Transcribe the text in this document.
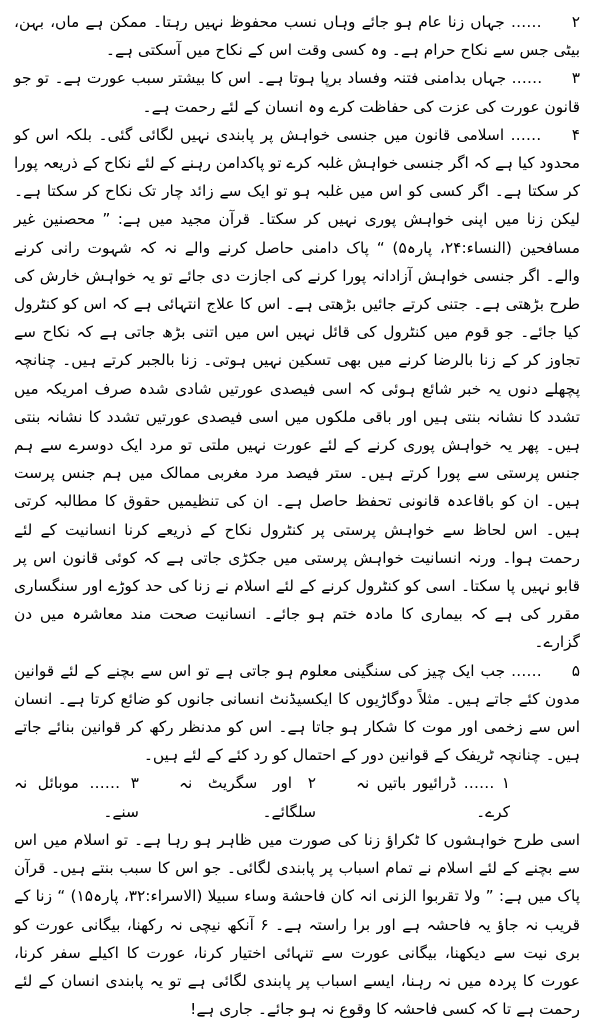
۲ …… جہاں زنا عام ہو جائے وہاں نسب محفوظ نہیں رہتا۔ ممکن ہے ماں، بہن، بیٹی جس سے نکاح حرام ہے۔ وہ کسی وقت اس کے نکاح میں آسکتی ہے۔

۳ …… جہاں بدامنی فتنہ وفساد برپا ہوتا ہے۔ اس کا بیشتر سبب عورت ہے۔ تو جو قانون عورت کی عزت کی حفاظت کرے وہ انسان کے لئے رحمت ہے۔

۴ …… اسلامی قانون میں جنسی خواہش پر پابندی نہیں لگائی گئی۔ بلکہ اس کو محدود کیا ہے کہ اگر جنسی خواہش غلبہ کرے تو پاکدامن رہنے کے لئے نکاح کے ذریعہ پورا کر سکتا ہے۔ اگر کسی کو اس میں غلبہ ہو تو ایک سے زائد چار تک نکاح کر سکتا ہے۔ لیکن زنا میں اپنی خواہش پوری نہیں کر سکتا۔ قرآن مجید میں ہے: ” محصنین غیر مسافحین (النساء:۲۴، پارہ۵) “ پاک دامنی حاصل کرنے والے نہ کہ شہوت رانی کرنے والے۔ اگر جنسی خواہش آزادانہ پورا کرنے کی اجازت دی جائے تو یہ خواہش خارش کی طرح بڑھتی ہے۔ جتنی کرتے جائیں بڑھتی ہے۔ اس کا علاج انتہائی ہے کہ اس کو کنٹرول کیا جائے۔ جو قوم میں کنٹرول کی قائل نہیں اس میں اتنی بڑھ جاتی ہے کہ نکاح سے تجاوز کر کے زنا بالرضا کرنے میں بھی تسکین نہیں ہوتی۔ زنا بالجبر کرتے ہیں۔ چنانچہ پچھلے دنوں یہ خبر شائع ہوئی کہ اسی فیصدی عورتیں شادی شدہ صرف امریکہ میں تشدد کا نشانہ بنتی ہیں اور باقی ملکوں میں اسی فیصدی عورتیں تشدد کا نشانہ بنتی ہیں۔ پھر یہ خواہش پوری کرنے کے لئے عورت نہیں ملتی تو مرد ایک دوسرے سے ہم جنس پرستی سے پورا کرتے ہیں۔ ستر فیصد مرد مغربی ممالک میں ہم جنس پرست ہیں۔ ان کو باقاعدہ قانونی تحفظ حاصل ہے۔ ان کی تنظیمیں حقوق کا مطالبہ کرتی ہیں۔ اس لحاظ سے خواہش پرستی پر کنٹرول نکاح کے ذریعے کرنا انسانیت کے لئے رحمت ہوا۔ ورنہ انسانیت خواہش پرستی میں جکڑی جاتی ہے کہ کوئی قانون اس پر قابو نہیں پا سکتا۔ اسی کو کنٹرول کرنے کے لئے اسلام نے زنا کی حد کوڑے اور سنگساری مقرر کی ہے کہ بیماری کا مادہ ختم ہو جائے۔ انسانیت صحت مند معاشرہ میں دن گزارے۔

۵ …… جب ایک چیز کی سنگینی معلوم ہو جاتی ہے تو اس سے بچنے کے لئے قوانین مدون کئے جاتے ہیں۔ مثلاً دوگاڑیوں کا ایکسیڈنٹ انسانی جانوں کو ضائع کرتا ہے۔ انسان اس سے زخمی اور موت کا شکار ہو جاتا ہے۔ اس کو مدنظر رکھ کر قوانین بنائے جاتے ہیں۔ چنانچہ ٹریفک کے قوانین دور کے احتمال کو رد کئے کے لئے ہیں۔

۱ …… ڈرائیور باتیں نہ کرے۔
۲ اور سگریٹ نہ سلگائے۔
۳ …… موبائل نہ سنے۔

اسی طرح خواہشوں کا ٹکراؤ زنا کی صورت میں ظاہر ہو رہا ہے۔ تو اسلام میں اس سے بچنے کے لئے اسلام نے تمام اسباب پر پابندی لگائی۔ جو اس کا سبب بنتے ہیں۔ قرآن پاک میں ہے: ” ولا تقربوا الزنی انہ کان فاحشة وساء سبیلا (الاسراء:۳۲، پارہ۱۵) “ زنا کے قریب نہ جاؤ یہ فاحشہ ہے اور برا راستہ ہے۔ ۶ آنکھ نیچی نہ رکھنا، بیگانی عورت کو بری نیت سے دیکھنا، بیگانی عورت سے تنہائی اختیار کرنا، عورت کا اکیلے سفر کرنا، عورت کا پردہ میں نہ رہنا، ایسے اسباب پر پابندی لگائی ہے تو یہ پابندی انسان کے لئے رحمت ہے تا کہ کسی فاحشہ کا وقوع نہ ہو جائے۔ جاری ہے!
